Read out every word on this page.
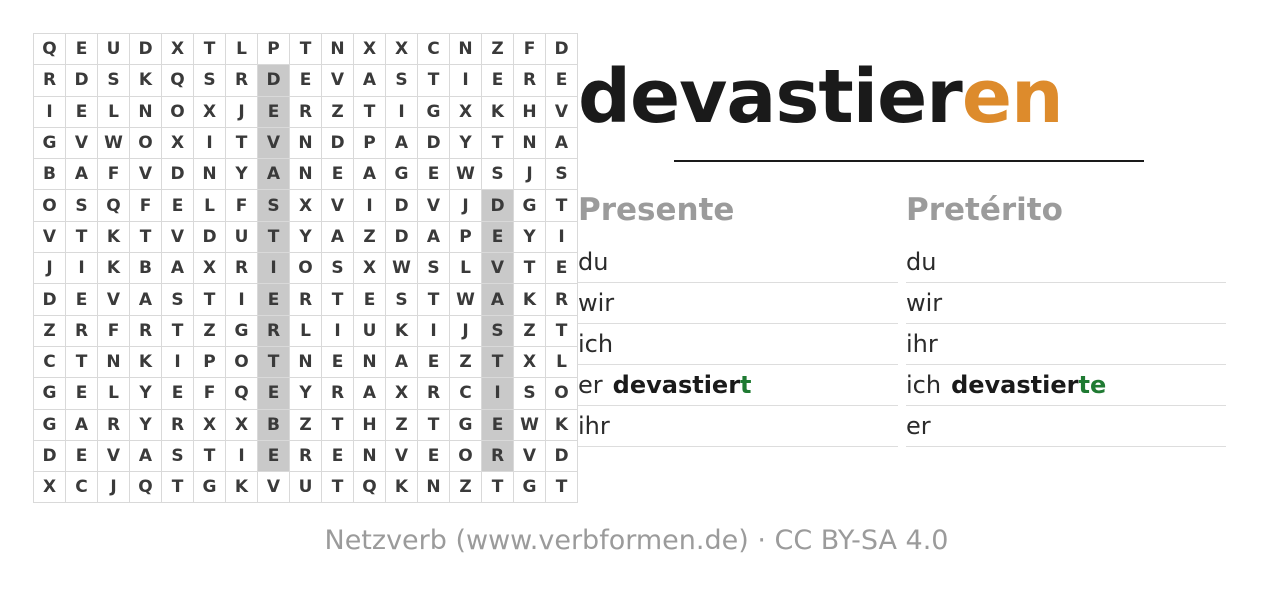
Q	E	U	D	X	T	L	P	T	N	X	X	C	N	Z	F	D
R	D	S	K	Q	S	R	D	E	V	A	S	T	I	E	R	E
I	E	L	N	O	X	J	E	R	Z	T	I	G	X	K	H	V
G	V	W	O	X	I	T	V	N	D	P	A	D	Y	T	N	A
B	A	F	V	D	N	Y	A	N	E	A	G	E	W	S	J	S
O	S	Q	F	E	L	F	S	X	V	I	D	V	J	D	G	T
V	T	K	T	V	D	U	T	Y	A	Z	D	A	P	E	Y	I
J	I	K	B	A	X	R	I	O	S	X	W	S	L	V	T	E
D	E	V	A	S	T	I	E	R	T	E	S	T	W	A	K	R
Z	R	F	R	T	Z	G	R	L	I	U	K	I	J	S	Z	T
C	T	N	K	I	P	O	T	N	E	N	A	E	Z	T	X	L
G	E	L	Y	E	F	Q	E	Y	R	A	X	R	C	I	S	O
G	A	R	Y	R	X	X	B	Z	T	H	Z	T	G	E	W	K
D	E	V	A	S	T	I	E	R	E	N	V	E	O	R	V	D
X	C	J	Q	T	G	K	V	U	T	Q	K	N	Z	T	G	T
devastieren
Presente
du
wir
ich
er devastiert
ihr
Pretérito
du
wir
ihr
ich devastierte
er
Netzverb (www.verbformen.de) · CC BY-SA 4.0
